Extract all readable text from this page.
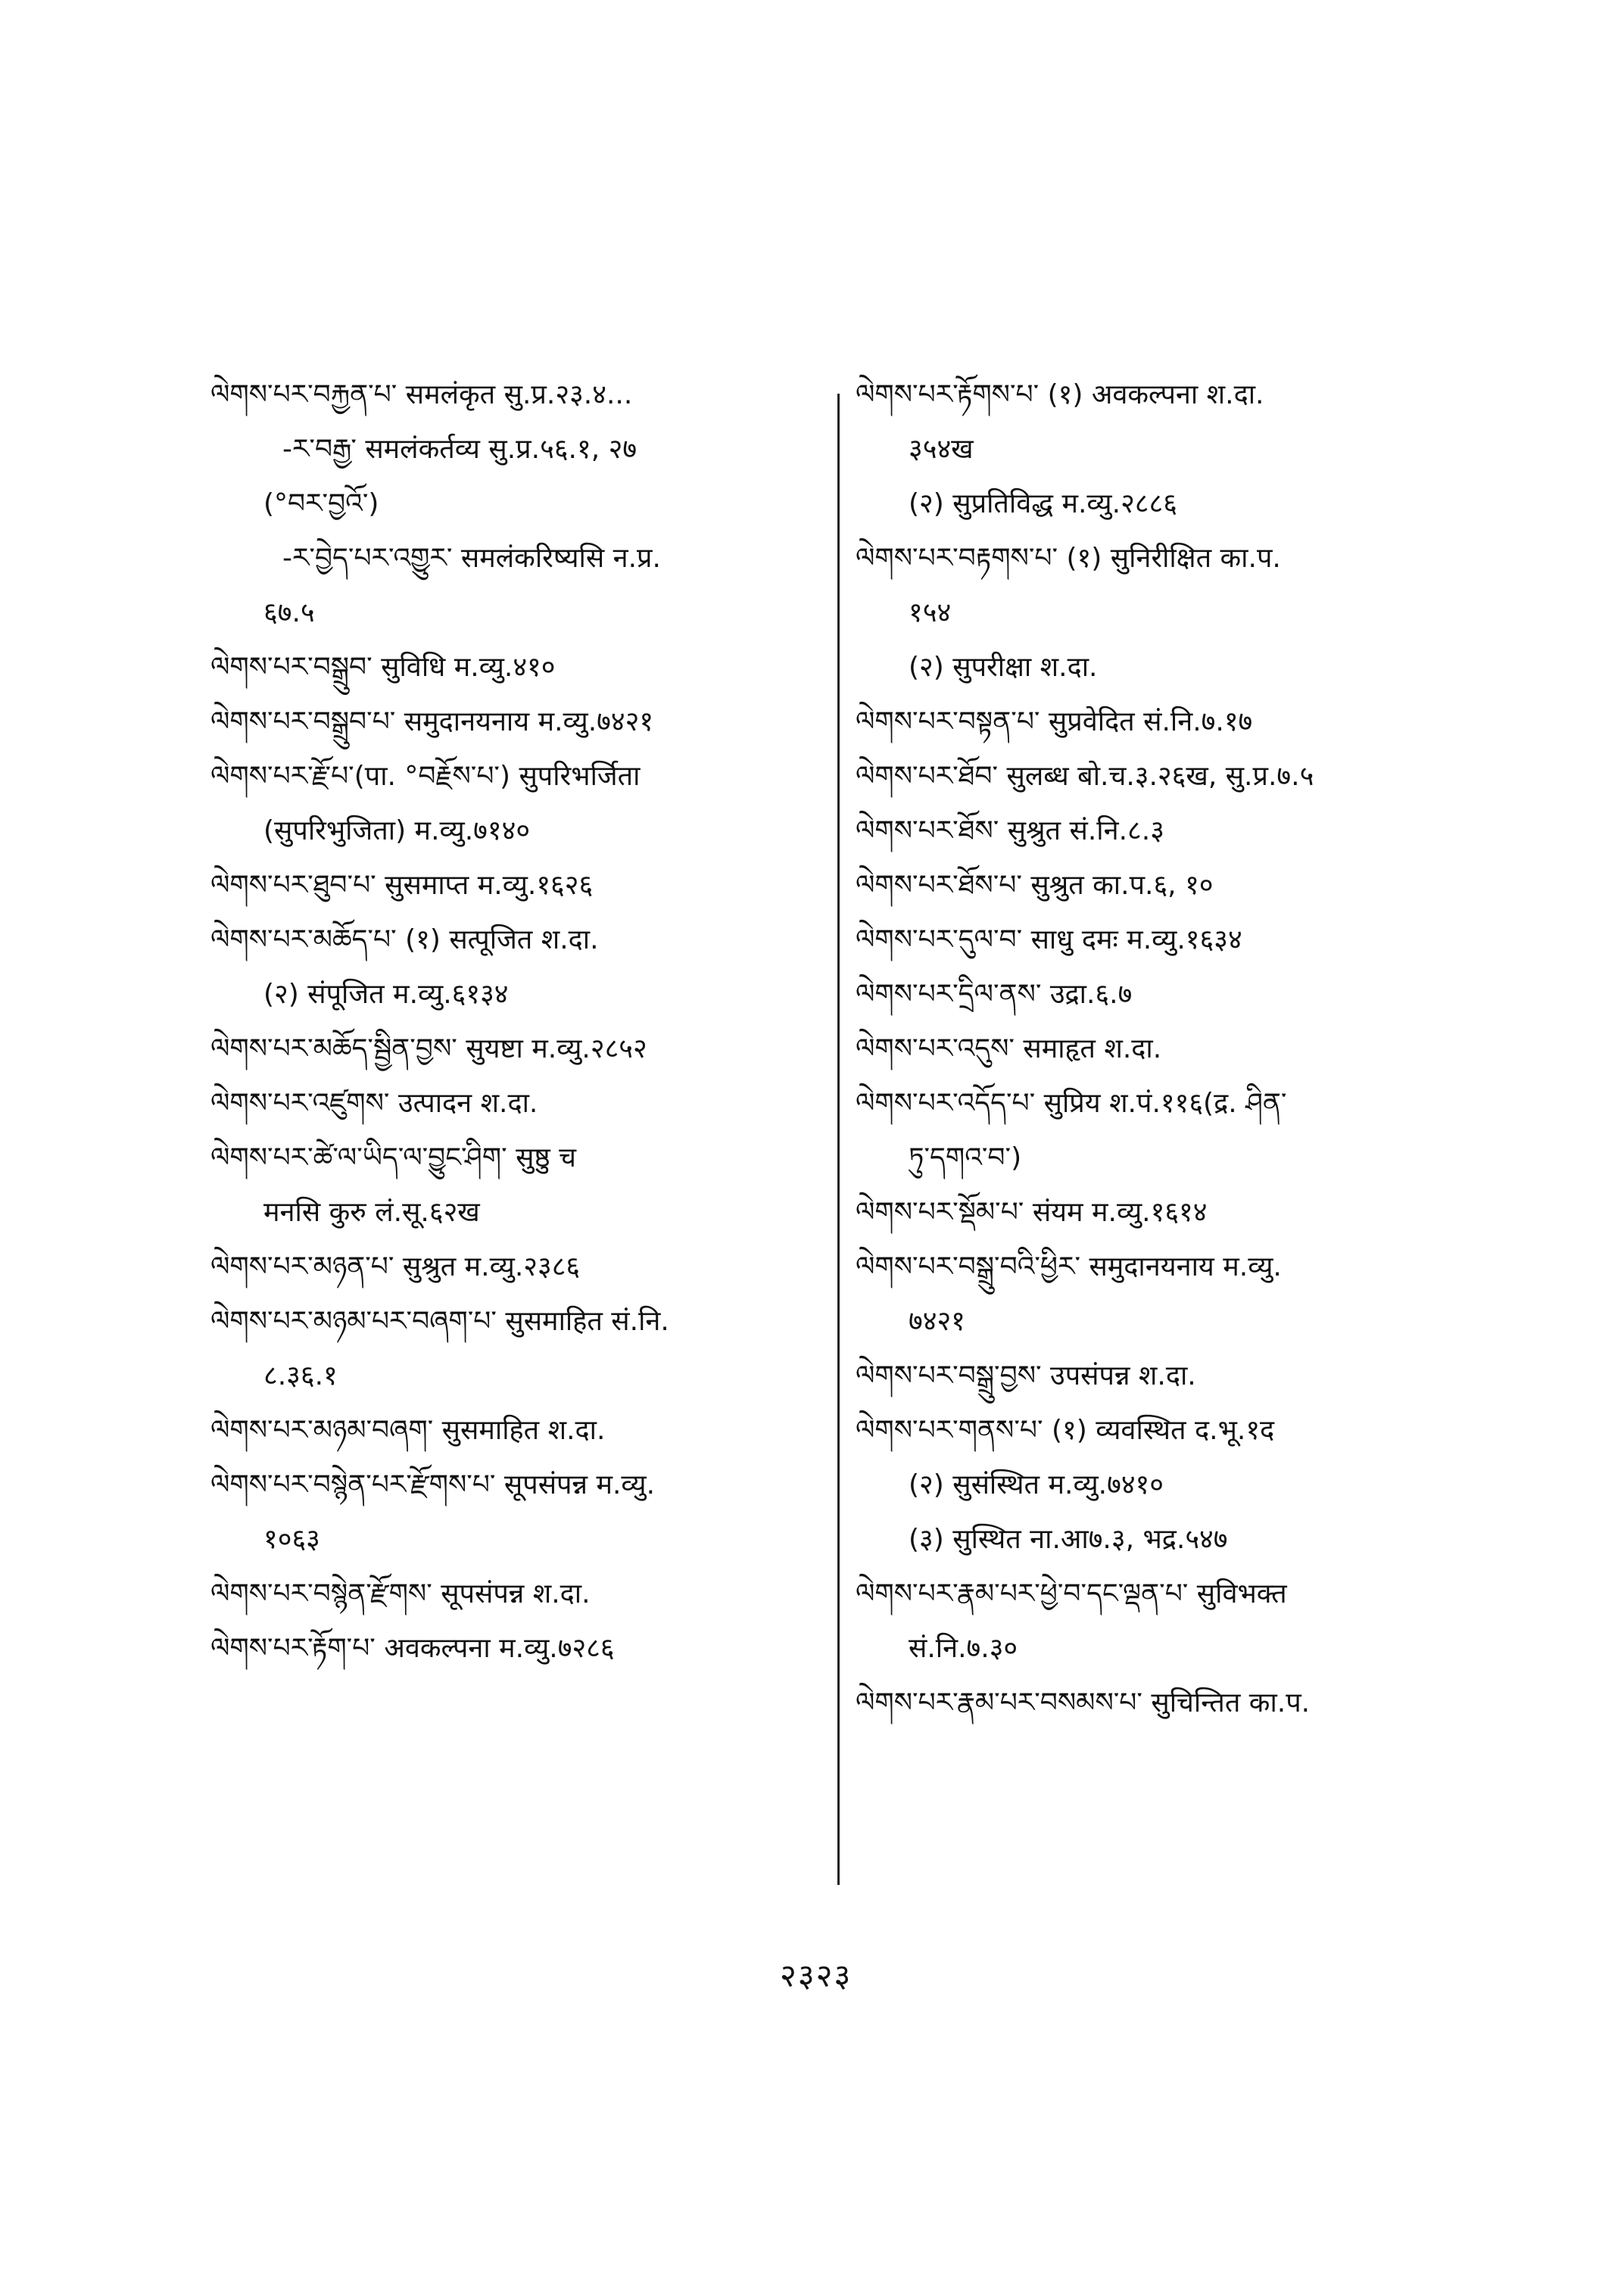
ལེགས་པར་བརྐྱན་པ་ समलंकृत सु.प्र.२३.४...
-ར་བརྒྱ་ समलंकर्तव्य सु.प्र.५६.१, २७
(°བར་བྱའོ་)
-ར་བྱེད་པར་འགྱུར་ समलंकरिष्यसि न.प्र.
६७.५
ལེགས་པར་བསྒྲུབ་ सुविधि म.व्यु.४१०
ལེགས་པར་བསྒྲུབ་པ་ समुदानयनाय म.व्यु.७४२१
ལེགས་པར་རྗོ་པ་(पा. °བརྗོས་པ་) सुपरिभर्जिता
(सुपरिभुजिता) म.व्यु.७१४०
ལེགས་པར་ཐུབ་པ་ सुसमाप्त म.व्यु.१६२६
ལེགས་པར་མཆོད་པ་ (१) सत्पूजित श.दा.
(२) संपूजित म.व्यु.६१३४
ལེགས་པར་མཆོད་སྦྱིན་བྱས་ सुयष्टा म.व्यु.२८५२
ལེགས་པར་འཛུགས་ उत्पादन श.दा.
ལེགས་པར་ཚེ་ལ་ཡིད་ལ་བྱུང་ཤིག་ सुष्ठु च
मनसि कुरु लं.सू.६२ख
ལེགས་པར་མཉན་པ་ सुश्रुत म.व्यु.२३८६
ལེགས་པར་མཉམ་པར་བཞག་པ་ सुसमाहित सं.नि.
८.३६.१
ལེགས་པར་མཉམ་བཞག་ सुसमाहित श.दा.
ལེགས་པར་བསྙེན་པར་རྫོགས་པ་ सूपसंपन्न म.व्यु.
१०६३
ལེགས་པར་བསྙེན་རྫོགས་ सूपसंपन्न श.दा.
ལེགས་པར་རྟོག་པ་ अवकल्पना म.व्यु.७२८६
ལེགས་པར་རྟོགས་པ་ (१) अवकल्पना श.दा.
३५४ख
(२) सुप्रतिविद्ध म.व्यु.२८८६
ལེགས་པར་བརྟགས་པ་ (१) सुनिरीक्षित का.प.
१५४
(२) सुपरीक्षा श.दा.
ལེགས་པར་བསྟན་པ་ सुप्रवेदित सं.नि.७.१७
ལེགས་པར་ཐོབ་ सुलब्ध बो.च.३.२६ख, सु.प्र.७.५
ལེགས་པར་ཐོས་ सुश्रुत सं.नि.८.३
ལེགས་པར་ཐོས་པ་ सुश्रुत का.प.६, १०
ལེགས་པར་དུལ་བ་ साधु दमः म.व्यु.१६३४
ལེགས་པར་དྲིལ་ནས་ उद्रा.६.७
ལེགས་པར་འདུས་ समाहृत श.दा.
ལེགས་པར་འདོད་པ་ सुप्रिय श.पं.११६(द्र. ཤིན་
ཏུ་དགའ་བ་)
ལེགས་པར་སྡོམ་པ་ संयम म.व्यु.१६१४
ལེགས་པར་བསྒྲུ་བའི་ཕྱིར་ समुदानयनाय म.व्यु.
७४२१
ལེགས་པར་བསྒྲུ་བྱས་ उपसंपन्न श.दा.
ལེགས་པར་གནས་པ་ (१) व्यवस्थित द.भू.१द
(२) सुसंस्थित म.व्यु.७४१०
(३) सुस्थित ना.आ७.३, भद्र.५४७
ལེགས་པར་རྣམ་པར་ཕྱེ་བ་དང་ལྡན་པ་ सुविभक्त
सं.नि.७.३०
ལེགས་པར་རྣམ་པར་བསམས་པ་ सुचिन्तित का.प.
२३२३
